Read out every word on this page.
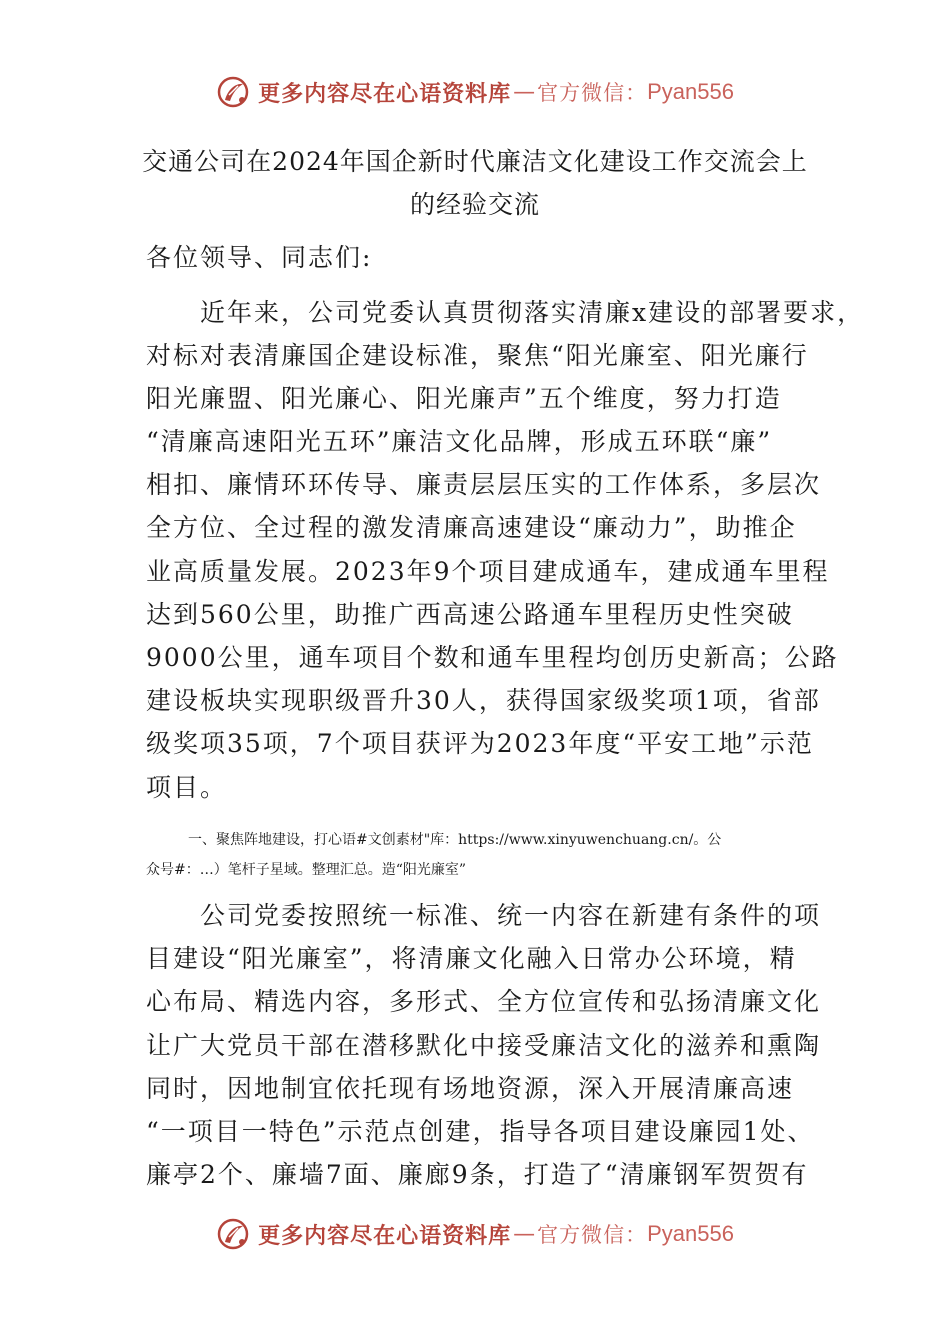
更多内容尽在心语资料库 — 官方微信： Pyan556
交通公司在2024年国企新时代廉洁文化建设工作交流会上
的经验交流
各位领导、同志们:
　　近年来，公司党委认真贯彻落实清廉x建设的部署要求，
对标对表清廉国企建设标准，聚焦“阳光廉室、阳光廉行
阳光廉盟、阳光廉心、阳光廉声”五个维度，努力打造
“清廉高速阳光五环”廉洁文化品牌，形成五环联“廉”
相扣、廉情环环传导、廉责层层压实的工作体系，多层次
全方位、全过程的激发清廉高速建设“廉动力”，助推企
业高质量发展。2023年9个项目建成通车，建成通车里程
达到560公里，助推广西高速公路通车里程历史性突破
9000公里，通车项目个数和通车里程均创历史新高；公路
建设板块实现职级晋升30人，获得国家级奖项1项，省部
级奖项35项，7个项目获评为2023年度“平安工地”示范
项目。
　　　一、聚焦阵地建设，打心语#文创素材"库：https://www.xinyuwenchuang.cn/。公
众号#：…）笔杆子星域。整理汇总。造“阳光廉室”
　　公司党委按照统一标准、统一内容在新建有条件的项
目建设“阳光廉室”，将清廉文化融入日常办公环境，精
心布局、精选内容，多形式、全方位宣传和弘扬清廉文化
让广大党员干部在潜移默化中接受廉洁文化的滋养和熏陶
同时，因地制宜依托现有场地资源，深入开展清廉高速
“一项目一特色”示范点创建，指导各项目建设廉园1处、
廉亭2个、廉墙7面、廉廊9条，打造了“清廉钢军贺贺有
更多内容尽在心语资料库 — 官方微信： Pyan556
